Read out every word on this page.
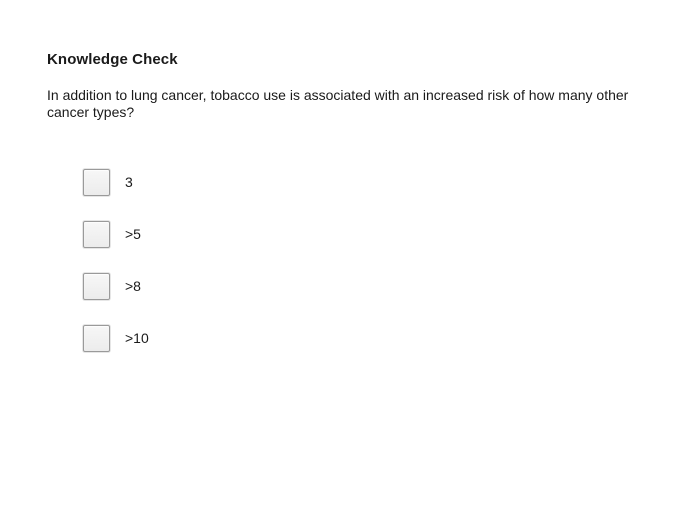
Knowledge Check

In addition to lung cancer, tobacco use is associated with an increased risk of how many other cancer types?

3
>5
>8
>10
